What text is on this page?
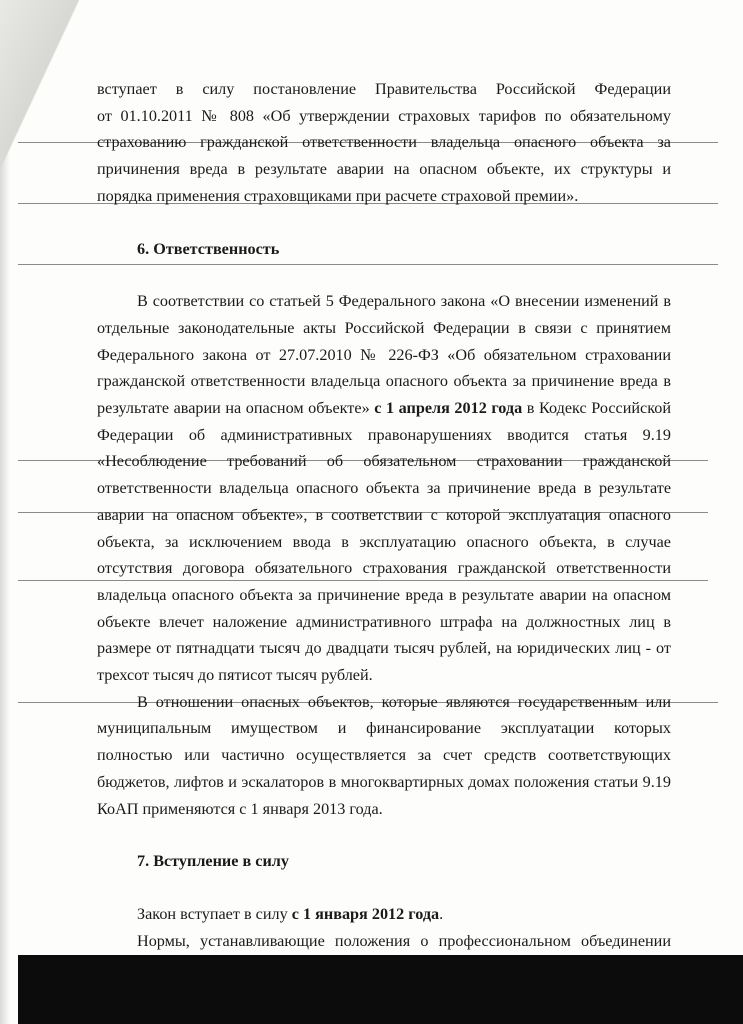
вступает в силу постановление Правительства Российской Федерации

от 01.10.2011 № 808 «Об утверждении страховых тарифов по обязательному

страхованию гражданской ответственности владельца опасного объекта за

причинения вреда в результате аварии на опасном объекте, их структуры и

порядка применения страховщиками при расчете страховой премии».

6. Ответственность

В соответствии со статьей 5 Федерального закона «О внесении изменений в отдельные законодательные акты Российской Федерации в связи с принятием Федерального закона от 27.07.2010 № 226-ФЗ «Об обязательном страховании гражданской ответственности владельца опасного объекта за причинение вреда в результате аварии на опасном объекте» с 1 апреля 2012 года в Кодекс Российской Федерации об административных правонарушениях вводится статья 9.19 «Несоблюдение требований об обязательном страховании гражданской ответственности владельца опасного объекта за причинение вреда в результате аварии на опасном объекте», в соответствии с которой эксплуатация опасного объекта, за исключением ввода в эксплуатацию опасного объекта, в случае отсутствия договора обязательного страхования гражданской ответственности владельца опасного объекта за причинение вреда в результате аварии на опасном объекте влечет наложение административного штрафа на должностных лиц в размере от пятнадцати тысяч до двадцати тысяч рублей, на юридических лиц - от трехсот тысяч до пятисот тысяч рублей.

В отношении опасных объектов, которые являются государственным или муниципальным имуществом и финансирование эксплуатации которых полностью или частично осуществляется за счет средств соответствующих бюджетов, лифтов и эскалаторов в многоквартирных домах положения статьи 9.19 КоАП применяются с 1 января 2013 года.

7. Вступление в силу

Закон вступает в силу с 1 января 2012 года.

Нормы, устанавливающие положения о профессиональном объединении
